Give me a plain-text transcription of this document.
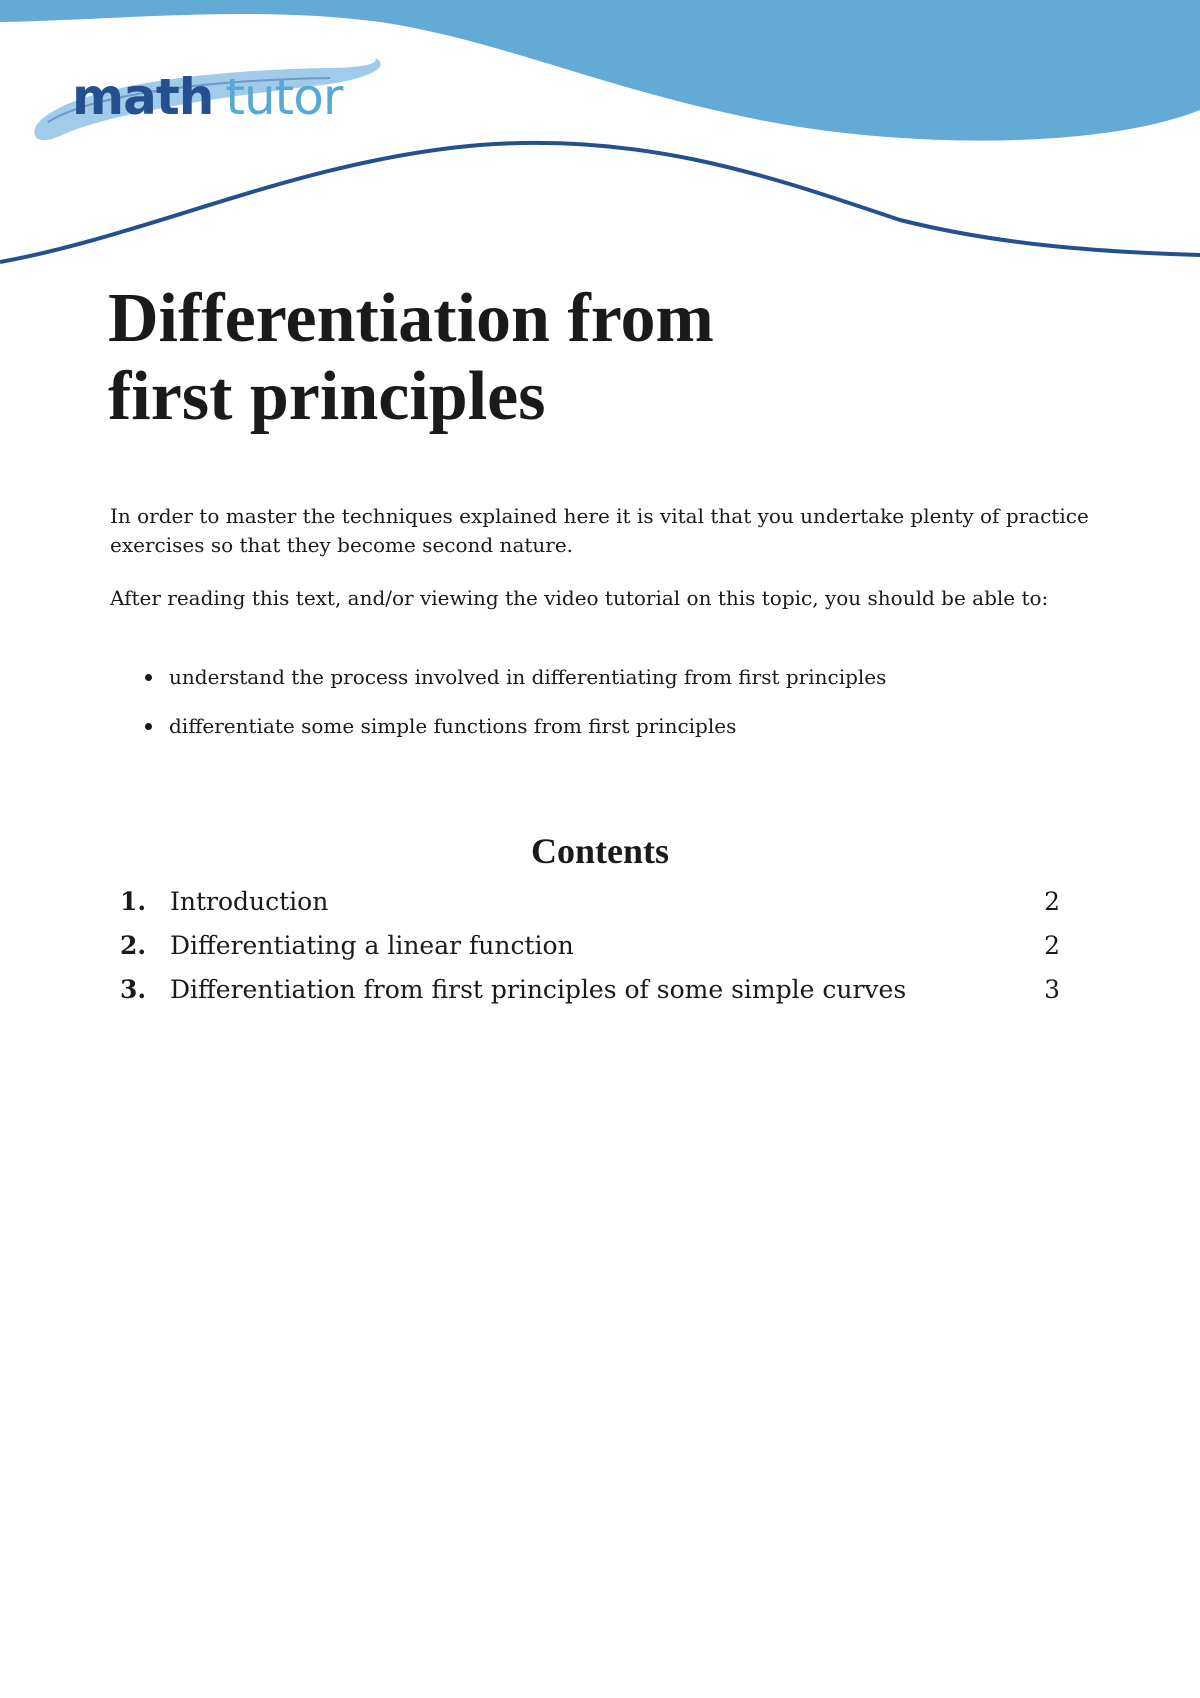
math tutor
Differentiation from
first principles

In order to master the techniques explained here it is vital that you undertake plenty of practice exercises so that they become second nature.

After reading this text, and/or viewing the video tutorial on this topic, you should be able to:

understand the process involved in differentiating from first principles
differentiate some simple functions from first principles
Contents
1. Introduction	2
2. Differentiating a linear function	2
3. Differentiation from first principles of some simple curves	3
